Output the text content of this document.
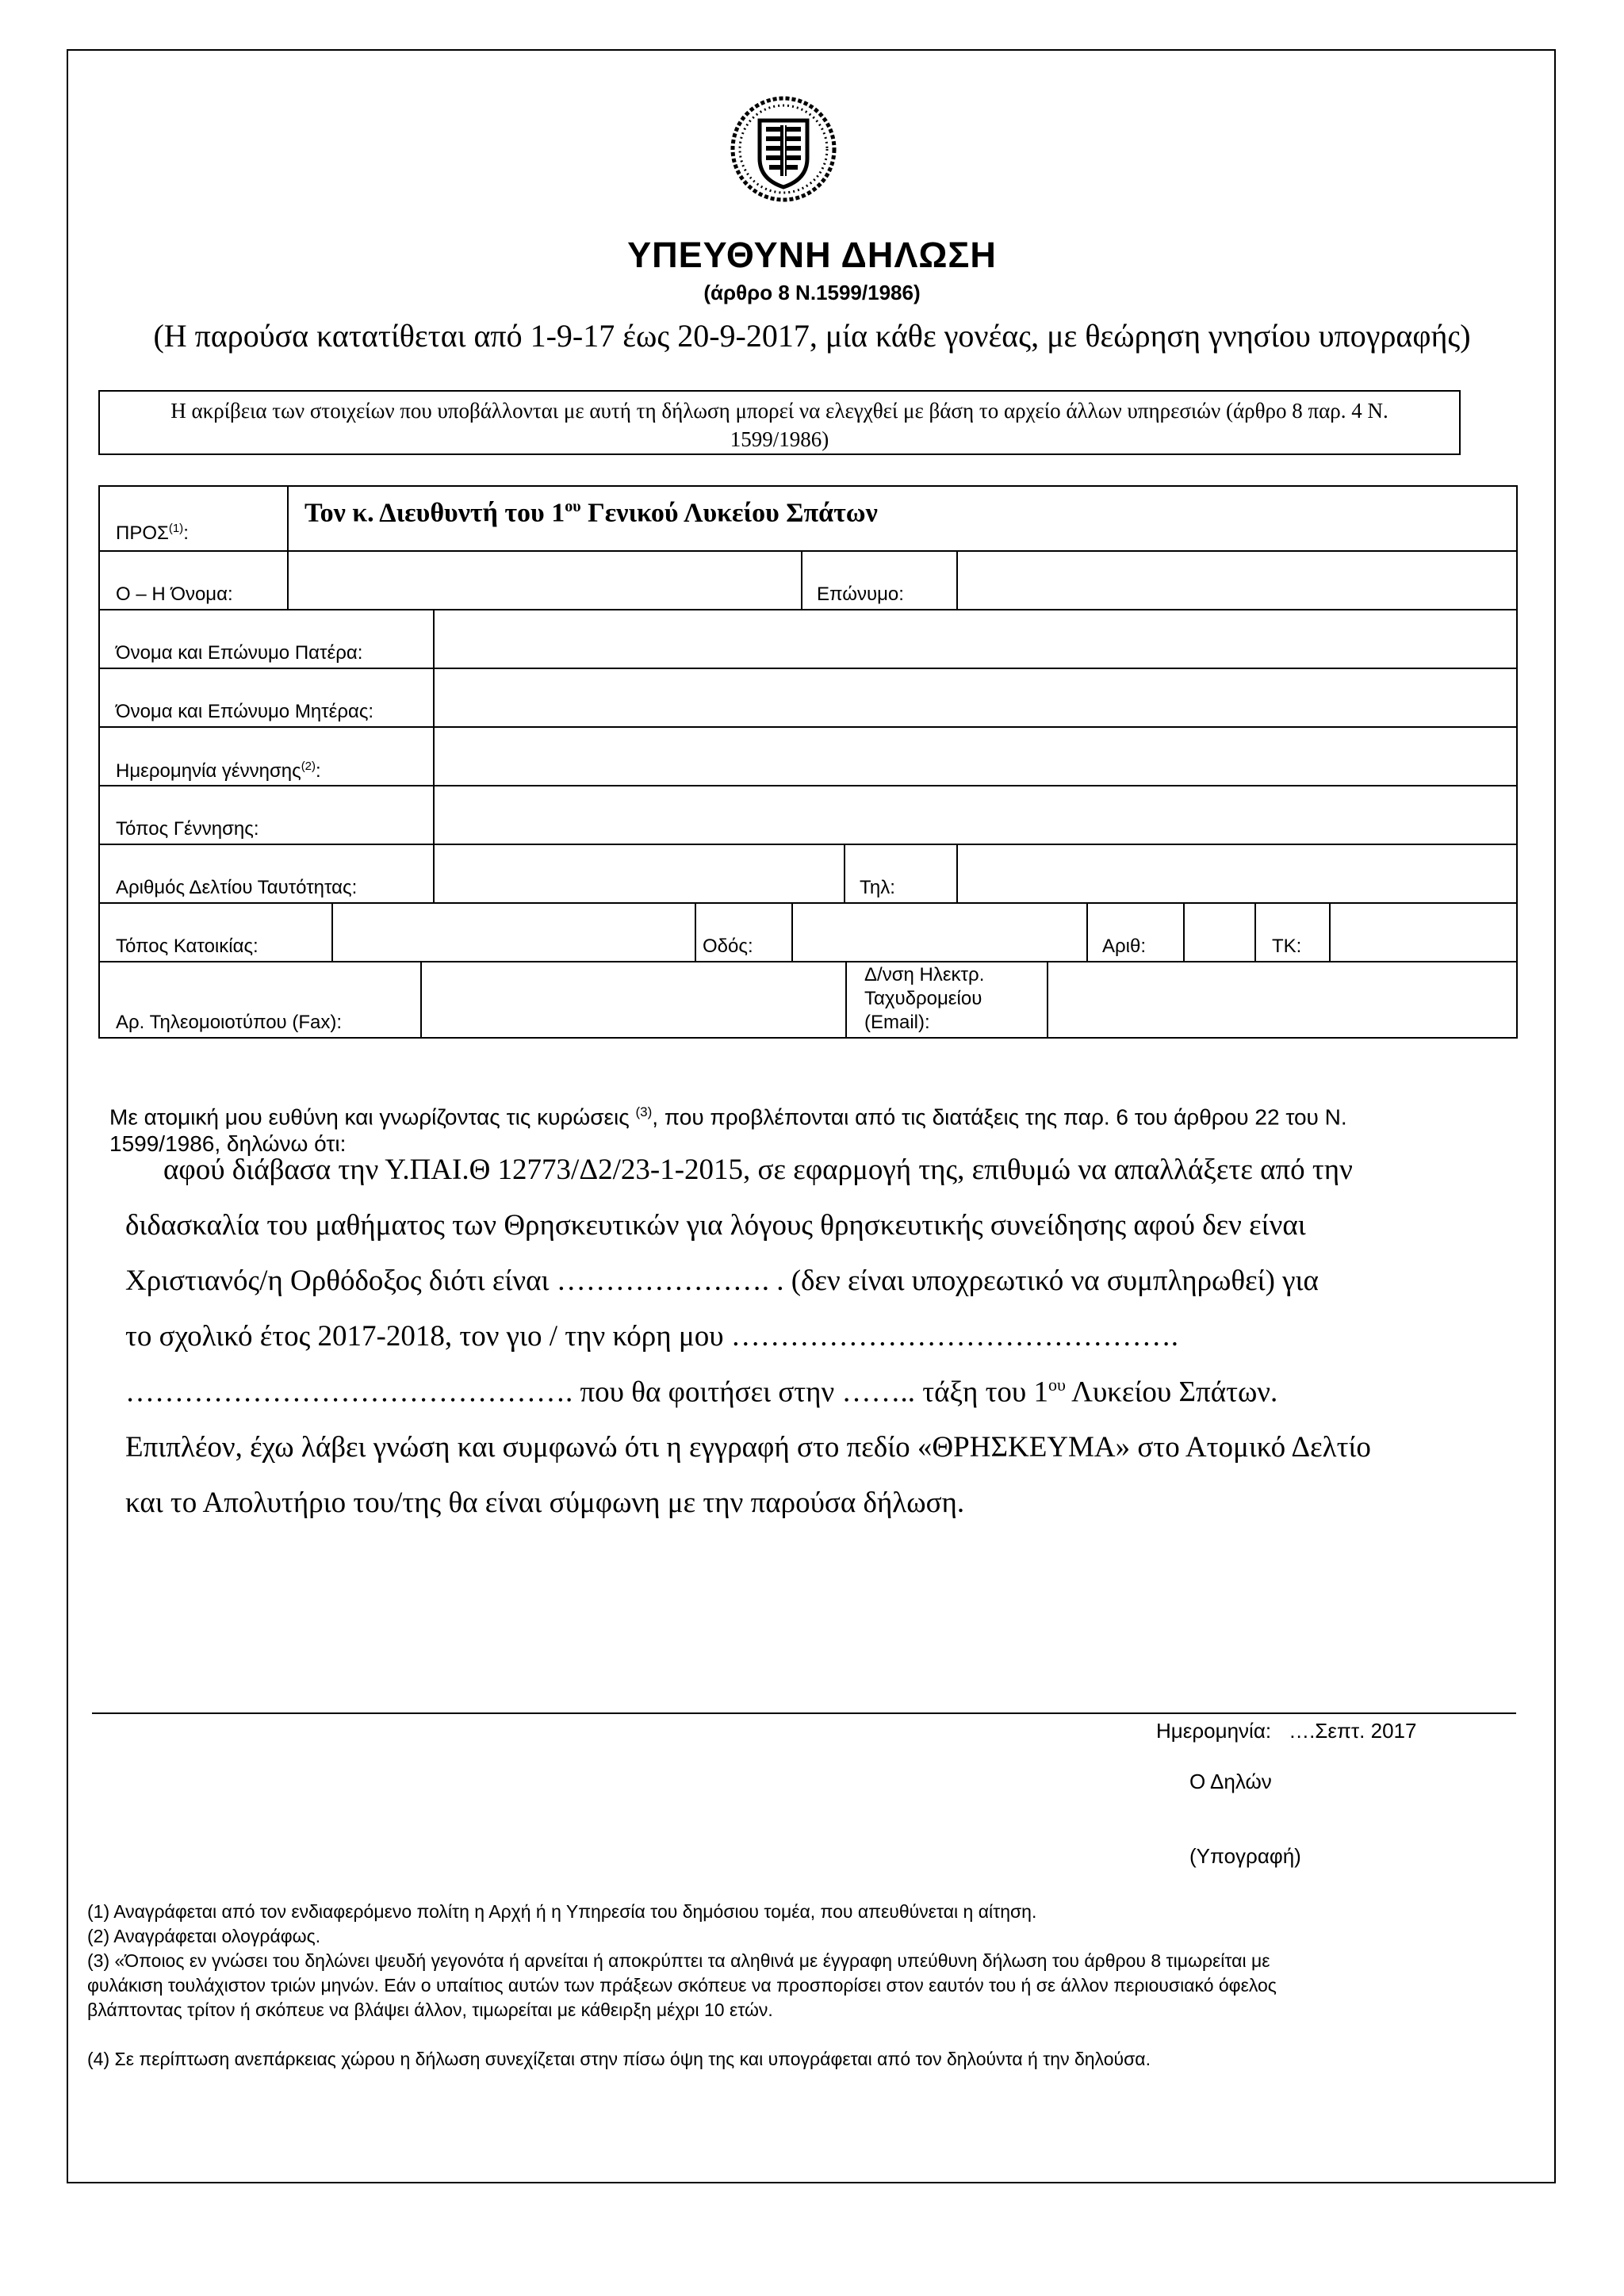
ΥΠΕΥΘΥΝΗ ΔΗΛΩΣΗ
(άρθρο 8 Ν.1599/1986)
(Η παρούσα κατατίθεται από 1-9-17 έως 20-9-2017, μία κάθε γονέας, με θεώρηση γνησίου υπογραφής)
Η ακρίβεια των στοιχείων που υποβάλλονται με αυτή τη δήλωση μπορεί να ελεγχθεί με βάση το αρχείο άλλων υπηρεσιών (άρθρο 8 παρ. 4 Ν. 1599/1986)
ΠΡΟΣ$^{(1)}$:
Τον κ. Διευθυντή του $1^{o\upsilon}$ Γενικού Λυκείου Σπάτων
Ο – Η Όνομα:	Επώνυμο:
Όνομα και Επώνυμο Πατέρα:
Όνομα και Επώνυμο Μητέρας:
Ημερομηνία γέννησης$^{(2)}$:
Τόπος Γέννησης:
Αριθμός Δελτίου Ταυτότητας:	Τηλ:
Τόπος Κατοικίας:	Οδός:	Αριθ:	ΤΚ:
Αρ. Τηλεομοιοτύπου (Fax):
Δ/νση Ηλεκτρ.
Ταχυδρομείου
(Email):
Με ατομική μου ευθύνη και γνωρίζοντας τις κυρώσεις $^{(3)}$, που προβλέπονται από τις διατάξεις της παρ. 6 του άρθρου 22 του Ν. 1599/1986, δηλώνω ότι:
αφού διάβασα την Υ.ΠΑΙ.Θ 12773/Δ2/23-1-2015, σε εφαρμογή της, επιθυμώ να απαλλάξετε από την
διδασκαλία του μαθήματος των Θρησκευτικών για λόγους θρησκευτικής συνείδησης αφού δεν είναι
Χριστιανός/η Ορθόδοξος διότι είναι …………………. . (δεν είναι υποχρεωτικό να συμπληρωθεί) για
το σχολικό έτος 2017-2018, τον γιο / την κόρη μου ……………………………………….
………………………………………. που θα φοιτήσει στην …….. τάξη του $1^{o\upsilon}$ Λυκείου Σπάτων.
Επιπλέον, έχω λάβει γνώση και συμφωνώ ότι η εγγραφή στο πεδίο «ΘΡΗΣΚΕΥΜΑ» στο Ατομικό Δελτίο
και το Απολυτήριο του/της θα είναι σύμφωνη με την παρούσα δήλωση.
Ημερομηνία: ….Σεπτ. 2017
Ο Δηλών
(Υπογραφή)
(1) Αναγράφεται από τον ενδιαφερόμενο πολίτη η Αρχή ή η Υπηρεσία του δημόσιου τομέα, που απευθύνεται η αίτηση.
(2) Αναγράφεται ολογράφως.
(3) «Όποιος εν γνώσει του δηλώνει ψευδή γεγονότα ή αρνείται ή αποκρύπτει τα αληθινά με έγγραφη υπεύθυνη δήλωση του άρθρου 8 τιμωρείται με
φυλάκιση τουλάχιστον τριών μηνών. Εάν ο υπαίτιος αυτών των πράξεων σκόπευε να προσπορίσει στον εαυτόν του ή σε άλλον περιουσιακό όφελος
βλάπτοντας τρίτον ή σκόπευε να βλάψει άλλον, τιμωρείται με κάθειρξη μέχρι 10 ετών.
(4) Σε περίπτωση ανεπάρκειας χώρου η δήλωση συνεχίζεται στην πίσω όψη της και υπογράφεται από τον δηλούντα ή την δηλούσα.
